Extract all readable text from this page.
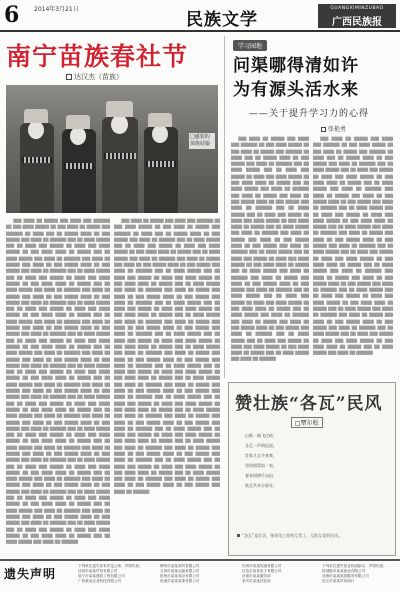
6 2014年3月21日
民族文学
GUANGXIMINZUBAO
广西民族报
南宁苗族春社节
达汉杰（苗族）
□盛装的苗族姑娘

▒▒▒ ▒▒▒▒ ▒▒ ▒▒▒▒▒ ▒▒▒ ▒▒▒▒ ▒▒▒ ▒▒▒▒▒▒ ▒▒ ▒▒▒ ▒▒▒▒ ▒▒▒▒▒ ▒▒ ▒▒▒ ▒▒▒▒ ▒▒ ▒▒▒▒▒ ▒▒▒ ▒▒▒▒▒▒ ▒▒ ▒▒▒▒ ▒▒▒ ▒▒ ▒▒▒▒▒ ▒▒▒▒ ▒▒ ▒▒▒ ▒▒▒▒▒ ▒▒▒ ▒▒▒▒ ▒▒ ▒▒▒▒▒▒ ▒▒▒ ▒▒ ▒▒▒▒ ▒▒▒▒▒ ▒▒▒ ▒▒ ▒▒▒▒ ▒▒▒ ▒▒▒▒▒ ▒▒ ▒▒▒▒ ▒▒▒ ▒▒▒▒ ▒▒▒▒▒ ▒▒ ▒▒▒ ▒▒▒▒ ▒▒▒▒ ▒▒ ▒▒▒▒▒ ▒▒▒ ▒▒ ▒▒▒▒ ▒▒▒▒▒ ▒▒▒ ▒▒▒▒ ▒▒ ▒▒▒▒▒▒ ▒▒▒ ▒▒▒▒ ▒▒ ▒▒▒▒▒ ▒▒▒ ▒▒▒▒ ▒▒ ▒▒▒ ▒▒▒▒▒ ▒▒▒▒ ▒▒ ▒▒▒ ▒▒▒▒▒ ▒▒▒ ▒▒▒▒ ▒▒ ▒▒▒▒▒▒ ▒▒▒ ▒▒ ▒▒▒▒ ▒▒▒▒▒ ▒▒▒ ▒▒ ▒▒▒▒ ▒▒▒ ▒▒▒▒▒ ▒▒ ▒▒▒▒ ▒▒▒ ▒▒▒▒ ▒▒▒▒▒ ▒▒ ▒▒▒ ▒▒▒▒ ▒▒▒▒ ▒▒ ▒▒▒▒▒ ▒▒▒ ▒▒ ▒▒▒▒ ▒▒▒▒▒ ▒▒▒ ▒▒▒▒ ▒▒ ▒▒▒▒▒▒ ▒▒▒ ▒▒▒▒ ▒▒ ▒▒▒▒▒ ▒▒▒ ▒▒▒▒ ▒▒ ▒▒▒ ▒▒▒▒▒ ▒▒▒▒ ▒▒ ▒▒▒ ▒▒▒▒▒ ▒▒▒ ▒▒▒▒ ▒▒ ▒▒▒▒▒▒ ▒▒▒ ▒▒ ▒▒▒▒ ▒▒▒▒▒ ▒▒▒ ▒▒ ▒▒▒▒ ▒▒▒ ▒▒▒▒▒ ▒▒ ▒▒▒▒ ▒▒▒ ▒▒▒▒ ▒▒▒▒▒ ▒▒ ▒▒▒ ▒▒▒▒ ▒▒▒▒ ▒▒ ▒▒▒▒▒ ▒▒▒ ▒▒ ▒▒▒▒ ▒▒▒▒▒ ▒▒▒ ▒▒▒▒ ▒▒ ▒▒▒▒▒▒ ▒▒▒ ▒▒▒▒ ▒▒ ▒▒▒▒▒ ▒▒▒ ▒▒▒▒ ▒▒ ▒▒▒ ▒▒▒▒▒ ▒▒▒▒ ▒▒ ▒▒▒ ▒▒▒▒▒ ▒▒▒ ▒▒▒▒ ▒▒ ▒▒▒▒▒▒ ▒▒▒ ▒▒ ▒▒▒▒ ▒▒▒▒▒ ▒▒▒ ▒▒ ▒▒▒▒ ▒▒▒ ▒▒▒▒▒ ▒▒ ▒▒▒▒ ▒▒▒ ▒▒▒▒ ▒▒▒▒▒ ▒▒ ▒▒▒ ▒▒▒▒ ▒▒▒▒ ▒▒ ▒▒▒▒▒ ▒▒▒ ▒▒ ▒▒▒▒ ▒▒▒▒▒ ▒▒▒ ▒▒▒▒ ▒▒ ▒▒▒▒▒▒ ▒▒▒ ▒▒▒▒ ▒▒ ▒▒▒▒▒ ▒▒▒ ▒▒▒▒ ▒▒ ▒▒▒ ▒▒▒▒▒ ▒▒▒▒ ▒▒ ▒▒▒ ▒▒▒▒▒ ▒▒▒ ▒▒▒▒ ▒▒ ▒▒▒▒▒▒ ▒▒▒ ▒▒ ▒▒▒▒ ▒▒▒▒▒ ▒▒▒ ▒▒ ▒▒▒▒ ▒▒▒ ▒▒▒▒▒ ▒▒ ▒▒▒▒ ▒▒▒ ▒▒▒▒ ▒▒▒▒▒ ▒▒ ▒▒▒ ▒▒▒▒ ▒▒▒▒ ▒▒ ▒▒▒▒▒ ▒▒▒ ▒▒ ▒▒▒▒ ▒▒▒▒▒ ▒▒▒ ▒▒▒▒ ▒▒ ▒▒▒▒▒▒ ▒▒▒ ▒▒▒▒ ▒▒ ▒▒▒▒▒ ▒▒▒ ▒▒▒▒ ▒▒ ▒▒▒ ▒▒▒▒▒ ▒▒▒▒ ▒▒ ▒▒▒ ▒▒▒▒▒ ▒▒▒ ▒▒▒▒ ▒▒ ▒▒▒▒▒▒ ▒▒▒ ▒▒ ▒▒▒▒ ▒▒▒▒▒ ▒▒▒ ▒▒ ▒▒▒▒ ▒▒▒ ▒▒▒▒▒ ▒▒ ▒▒▒▒ ▒▒▒ ▒▒▒▒ ▒▒▒▒▒ ▒▒ ▒▒▒ ▒▒▒▒ ▒▒▒▒ ▒▒ ▒▒▒▒▒ ▒▒▒ ▒▒ ▒▒▒▒ ▒▒▒▒▒ ▒▒▒ ▒▒▒▒ ▒▒ ▒▒▒▒▒▒ ▒▒▒ ▒▒▒▒ ▒▒ ▒▒▒▒▒ ▒▒▒ ▒▒▒▒ ▒▒ ▒▒▒ ▒▒▒▒▒ ▒▒▒▒ ▒▒ ▒▒▒ ▒▒▒▒▒ ▒▒▒ ▒▒▒▒ ▒▒ ▒▒▒▒▒▒ ▒▒▒ ▒▒ ▒▒▒▒ ▒▒▒▒▒ ▒▒▒ ▒▒ ▒▒▒▒ ▒▒▒ ▒▒▒▒▒ ▒▒ ▒▒▒▒ ▒▒▒ ▒▒▒▒ ▒▒▒▒▒ ▒▒ ▒▒▒ ▒▒▒▒ ▒▒▒▒ ▒▒ ▒▒▒▒▒ ▒▒▒ ▒▒ ▒▒▒▒ ▒▒▒▒▒ ▒▒▒ ▒▒▒▒ ▒▒ ▒▒▒▒▒▒ ▒▒▒ ▒▒▒▒ ▒▒ ▒▒▒▒▒ ▒▒▒ ▒▒▒▒ ▒▒ ▒▒▒ ▒▒▒▒▒ ▒▒▒▒ ▒▒ ▒▒▒ ▒▒▒▒▒ ▒▒▒ ▒▒▒▒ ▒▒ ▒▒▒▒▒▒ ▒▒▒ ▒▒ ▒▒▒▒ ▒▒▒▒▒ ▒▒▒ ▒▒ ▒▒▒▒ ▒▒▒ ▒▒▒▒▒ ▒▒ ▒▒▒▒ ▒▒▒ ▒▒▒▒ ▒▒▒▒▒ ▒▒ ▒▒▒ ▒▒▒▒ ▒▒▒▒ ▒▒ ▒▒▒▒▒ ▒▒▒ ▒▒ ▒▒▒▒ ▒▒▒▒▒ ▒▒▒ ▒▒▒▒ ▒▒ ▒▒▒▒▒▒ ▒▒▒ ▒▒▒▒ ▒▒ ▒▒▒▒▒ ▒▒▒ ▒▒▒▒ ▒▒ ▒▒▒ ▒▒▒▒▒ ▒▒▒▒ ▒▒ ▒▒▒ ▒▒▒▒▒ ▒▒▒ ▒▒▒▒ ▒▒ ▒▒▒▒▒▒ ▒▒▒ ▒▒ ▒▒▒▒ ▒▒▒▒▒ ▒▒▒ ▒▒ ▒▒▒▒ ▒▒▒ ▒▒▒▒▒ ▒▒ ▒▒▒▒ ▒▒▒ ▒▒▒▒ ▒▒▒▒▒ ▒▒ ▒▒▒ ▒▒▒▒ ▒▒▒▒ ▒▒ ▒▒▒▒▒ ▒▒▒ ▒▒ ▒▒▒▒ ▒▒▒▒▒ ▒▒▒ ▒▒▒▒ ▒▒ ▒▒▒▒▒▒ ▒▒▒ ▒▒▒▒ ▒▒ ▒▒▒▒▒ ▒▒▒ ▒▒▒▒ ▒▒ ▒▒▒ ▒▒▒▒▒ ▒▒▒▒ ▒▒ ▒▒▒ ▒▒▒▒▒ ▒▒▒ ▒▒▒▒ ▒▒ ▒▒▒▒▒▒ ▒▒▒ ▒▒ ▒▒▒▒ ▒▒▒▒▒ ▒▒▒ ▒▒ ▒▒▒▒ ▒▒▒ ▒▒▒▒▒ ▒▒ ▒▒▒▒ ▒▒▒ ▒▒▒▒ ▒▒▒▒▒ ▒▒ ▒▒▒ ▒▒▒▒ ▒▒▒▒ ▒▒ ▒▒▒▒▒ ▒▒▒ ▒▒ ▒▒▒▒ ▒▒▒▒▒ ▒▒▒ ▒▒▒▒ ▒▒ ▒▒▒▒▒▒

▒▒▒ ▒▒▒▒ ▒▒ ▒▒▒▒▒ ▒▒▒ ▒▒▒▒ ▒▒▒ ▒▒▒▒▒▒ ▒▒ ▒▒▒ ▒▒▒▒ ▒▒▒▒▒ ▒▒ ▒▒▒ ▒▒▒▒ ▒▒ ▒▒▒▒▒ ▒▒▒ ▒▒▒▒▒▒ ▒▒ ▒▒▒▒ ▒▒▒ ▒▒ ▒▒▒▒▒ ▒▒▒▒ ▒▒ ▒▒▒ ▒▒▒▒▒ ▒▒▒ ▒▒▒▒ ▒▒ ▒▒▒▒▒▒ ▒▒▒ ▒▒ ▒▒▒▒ ▒▒▒▒▒ ▒▒▒ ▒▒ ▒▒▒▒ ▒▒▒ ▒▒▒▒▒ ▒▒ ▒▒▒▒ ▒▒▒ ▒▒▒▒ ▒▒▒▒▒ ▒▒ ▒▒▒ ▒▒▒▒ ▒▒▒▒ ▒▒ ▒▒▒▒▒ ▒▒▒ ▒▒ ▒▒▒▒ ▒▒▒▒▒ ▒▒▒ ▒▒▒▒ ▒▒ ▒▒▒▒▒▒ ▒▒▒ ▒▒▒▒ ▒▒ ▒▒▒▒▒ ▒▒▒ ▒▒▒▒ ▒▒ ▒▒▒ ▒▒▒▒▒ ▒▒▒▒ ▒▒ ▒▒▒ ▒▒▒▒▒ ▒▒▒ ▒▒▒▒ ▒▒ ▒▒▒▒▒▒ ▒▒▒ ▒▒ ▒▒▒▒ ▒▒▒▒▒ ▒▒▒ ▒▒ ▒▒▒▒ ▒▒▒ ▒▒▒▒▒ ▒▒ ▒▒▒▒ ▒▒▒ ▒▒▒▒ ▒▒▒▒▒ ▒▒ ▒▒▒ ▒▒▒▒ ▒▒▒▒ ▒▒ ▒▒▒▒▒ ▒▒▒ ▒▒ ▒▒▒▒ ▒▒▒▒▒ ▒▒▒ ▒▒▒▒ ▒▒ ▒▒▒▒▒▒ ▒▒▒ ▒▒▒▒ ▒▒ ▒▒▒▒▒ ▒▒▒ ▒▒▒▒ ▒▒ ▒▒▒ ▒▒▒▒▒ ▒▒▒▒ ▒▒ ▒▒▒ ▒▒▒▒▒ ▒▒▒ ▒▒▒▒ ▒▒ ▒▒▒▒▒▒ ▒▒▒ ▒▒ ▒▒▒▒ ▒▒▒▒▒ ▒▒▒ ▒▒ ▒▒▒▒ ▒▒▒ ▒▒▒▒▒ ▒▒ ▒▒▒▒ ▒▒▒ ▒▒▒▒ ▒▒▒▒▒ ▒▒ ▒▒▒ ▒▒▒▒ ▒▒▒▒ ▒▒ ▒▒▒▒▒ ▒▒▒ ▒▒ ▒▒▒▒ ▒▒▒▒▒ ▒▒▒ ▒▒▒▒ ▒▒ ▒▒▒▒▒▒ ▒▒▒ ▒▒▒▒ ▒▒ ▒▒▒▒▒ ▒▒▒ ▒▒▒▒ ▒▒ ▒▒▒ ▒▒▒▒▒ ▒▒▒▒ ▒▒ ▒▒▒ ▒▒▒▒▒ ▒▒▒ ▒▒▒▒ ▒▒ ▒▒▒▒▒▒ ▒▒▒ ▒▒ ▒▒▒▒ ▒▒▒▒▒ ▒▒▒ ▒▒ ▒▒▒▒ ▒▒▒ ▒▒▒▒▒ ▒▒ ▒▒▒▒ ▒▒▒ ▒▒▒▒ ▒▒▒▒▒ ▒▒ ▒▒▒ ▒▒▒▒ ▒▒▒▒ ▒▒ ▒▒▒▒▒ ▒▒▒ ▒▒ ▒▒▒▒ ▒▒▒▒▒ ▒▒▒ ▒▒▒▒ ▒▒ ▒▒▒▒▒▒ ▒▒▒ ▒▒▒▒ ▒▒ ▒▒▒▒▒ ▒▒▒ ▒▒▒▒ ▒▒ ▒▒▒ ▒▒▒▒▒ ▒▒▒▒ ▒▒ ▒▒▒ ▒▒▒▒▒ ▒▒▒ ▒▒▒▒ ▒▒ ▒▒▒▒▒▒ ▒▒▒ ▒▒ ▒▒▒▒ ▒▒▒▒▒ ▒▒▒ ▒▒ ▒▒▒▒ ▒▒▒ ▒▒▒▒▒ ▒▒ ▒▒▒▒ ▒▒▒ ▒▒▒▒ ▒▒▒▒▒ ▒▒ ▒▒▒ ▒▒▒▒ ▒▒▒▒ ▒▒ ▒▒▒▒▒ ▒▒▒ ▒▒ ▒▒▒▒ ▒▒▒▒▒ ▒▒▒ ▒▒▒▒ ▒▒ ▒▒▒▒▒▒ ▒▒▒ ▒▒▒▒ ▒▒ ▒▒▒▒▒ ▒▒▒ ▒▒▒▒ ▒▒ ▒▒▒ ▒▒▒▒▒ ▒▒▒▒ ▒▒ ▒▒▒ ▒▒▒▒▒ ▒▒▒ ▒▒▒▒ ▒▒ ▒▒▒▒▒▒ ▒▒▒ ▒▒ ▒▒▒▒ ▒▒▒▒▒ ▒▒▒ ▒▒ ▒▒▒▒ ▒▒▒ ▒▒▒▒▒ ▒▒ ▒▒▒▒ ▒▒▒ ▒▒▒▒ ▒▒▒▒▒ ▒▒ ▒▒▒ ▒▒▒▒ ▒▒▒▒ ▒▒ ▒▒▒▒▒ ▒▒▒ ▒▒ ▒▒▒▒ ▒▒▒▒▒ ▒▒▒ ▒▒▒▒ ▒▒ ▒▒▒▒▒▒ ▒▒▒ ▒▒▒▒ ▒▒ ▒▒▒▒▒ ▒▒▒ ▒▒▒▒ ▒▒ ▒▒▒ ▒▒▒▒▒ ▒▒▒▒ ▒▒ ▒▒▒ ▒▒▒▒▒ ▒▒▒ ▒▒▒▒ ▒▒ ▒▒▒▒▒▒ ▒▒▒ ▒▒ ▒▒▒▒ ▒▒▒▒▒ ▒▒▒ ▒▒ ▒▒▒▒ ▒▒▒ ▒▒▒▒▒ ▒▒ ▒▒▒▒ ▒▒▒ ▒▒▒▒ ▒▒▒▒▒ ▒▒ ▒▒▒ ▒▒▒▒ ▒▒▒▒ ▒▒ ▒▒▒▒▒ ▒▒▒ ▒▒ ▒▒▒▒ ▒▒▒▒▒ ▒▒▒ ▒▒▒▒ ▒▒ ▒▒▒▒▒▒ ▒▒▒ ▒▒▒▒ ▒▒ ▒▒▒▒▒ ▒▒▒ ▒▒▒▒ ▒▒ ▒▒▒ ▒▒▒▒▒ ▒▒▒▒ ▒▒ ▒▒▒ ▒▒▒▒▒ ▒▒▒ ▒▒▒▒ ▒▒ ▒▒▒▒▒▒ ▒▒▒ ▒▒ ▒▒▒▒ ▒▒▒▒▒ ▒▒▒ ▒▒ ▒▒▒▒ ▒▒▒ ▒▒▒▒▒ ▒▒ ▒▒▒▒ ▒▒▒ ▒▒▒▒ ▒▒▒▒▒ ▒▒ ▒▒▒ ▒▒▒▒ ▒▒▒▒ ▒▒ ▒▒▒▒▒ ▒▒▒ ▒▒ ▒▒▒▒ ▒▒▒▒▒ ▒▒▒ ▒▒▒▒ ▒▒ ▒▒▒▒▒▒ ▒▒▒ ▒▒▒▒ ▒▒ ▒▒▒▒▒ ▒▒▒ ▒▒▒▒ ▒▒ ▒▒▒ ▒▒▒▒▒ ▒▒▒▒ ▒▒ ▒▒▒ ▒▒▒▒▒ ▒▒▒ ▒▒▒▒ ▒▒ ▒▒▒▒▒▒

学习园地
问渠哪得清如许
为有源头活水来
——关于提升学习力的心得
张艳勇

▒▒▒ ▒▒▒▒ ▒▒ ▒▒▒▒▒ ▒▒▒ ▒▒▒▒ ▒▒▒ ▒▒▒▒▒▒ ▒▒ ▒▒▒ ▒▒▒▒ ▒▒▒▒▒ ▒▒ ▒▒▒ ▒▒▒▒ ▒▒ ▒▒▒▒▒ ▒▒▒ ▒▒▒▒▒▒ ▒▒ ▒▒▒▒ ▒▒▒ ▒▒ ▒▒▒▒▒ ▒▒▒▒ ▒▒ ▒▒▒ ▒▒▒▒▒ ▒▒▒ ▒▒▒▒ ▒▒ ▒▒▒▒▒▒ ▒▒▒ ▒▒ ▒▒▒▒ ▒▒▒▒▒ ▒▒▒ ▒▒ ▒▒▒▒ ▒▒▒ ▒▒▒▒▒ ▒▒ ▒▒▒▒ ▒▒▒ ▒▒▒▒ ▒▒▒▒▒ ▒▒ ▒▒▒ ▒▒▒▒ ▒▒▒▒ ▒▒ ▒▒▒▒▒ ▒▒▒ ▒▒ ▒▒▒▒ ▒▒▒▒▒ ▒▒▒ ▒▒▒▒ ▒▒ ▒▒▒▒▒▒ ▒▒▒ ▒▒▒▒ ▒▒ ▒▒▒▒▒ ▒▒▒ ▒▒▒▒ ▒▒ ▒▒▒ ▒▒▒▒▒ ▒▒▒▒ ▒▒ ▒▒▒ ▒▒▒▒▒ ▒▒▒ ▒▒▒▒ ▒▒ ▒▒▒▒▒▒ ▒▒▒ ▒▒ ▒▒▒▒ ▒▒▒▒▒ ▒▒▒ ▒▒ ▒▒▒▒ ▒▒▒ ▒▒▒▒▒ ▒▒ ▒▒▒▒ ▒▒▒ ▒▒▒▒ ▒▒▒▒▒ ▒▒ ▒▒▒ ▒▒▒▒ ▒▒▒▒ ▒▒ ▒▒▒▒▒ ▒▒▒ ▒▒ ▒▒▒▒ ▒▒▒▒▒ ▒▒▒ ▒▒▒▒ ▒▒ ▒▒▒▒▒▒ ▒▒▒ ▒▒▒▒ ▒▒ ▒▒▒▒▒ ▒▒▒ ▒▒▒▒ ▒▒ ▒▒▒ ▒▒▒▒▒ ▒▒▒▒ ▒▒ ▒▒▒ ▒▒▒▒▒ ▒▒▒ ▒▒▒▒ ▒▒ ▒▒▒▒▒▒ ▒▒▒ ▒▒ ▒▒▒▒ ▒▒▒▒▒ ▒▒▒ ▒▒ ▒▒▒▒ ▒▒▒ ▒▒▒▒▒ ▒▒ ▒▒▒▒ ▒▒▒ ▒▒▒▒ ▒▒▒▒▒ ▒▒ ▒▒▒ ▒▒▒▒ ▒▒▒▒ ▒▒ ▒▒▒▒▒ ▒▒▒ ▒▒ ▒▒▒▒ ▒▒▒▒▒ ▒▒▒ ▒▒▒▒ ▒▒ ▒▒▒▒▒▒ ▒▒▒ ▒▒▒▒ ▒▒ ▒▒▒▒▒ ▒▒▒ ▒▒▒▒ ▒▒ ▒▒▒ ▒▒▒▒▒ ▒▒▒▒ ▒▒ ▒▒▒ ▒▒▒▒▒ ▒▒▒ ▒▒▒▒ ▒▒ ▒▒▒▒▒▒ ▒▒▒ ▒▒ ▒▒▒▒ ▒▒▒▒▒ ▒▒▒ ▒▒ ▒▒▒▒ ▒▒▒ ▒▒▒▒▒ ▒▒ ▒▒▒▒ ▒▒▒ ▒▒▒▒ ▒▒▒▒▒ ▒▒ ▒▒▒ ▒▒▒▒ ▒▒▒▒ ▒▒ ▒▒▒▒▒ ▒▒▒ ▒▒ ▒▒▒▒ ▒▒▒▒▒ ▒▒▒ ▒▒▒▒ ▒▒ ▒▒▒▒▒▒ ▒▒▒ ▒▒▒▒ ▒▒ ▒▒▒▒▒ ▒▒▒ ▒▒▒▒ ▒▒ ▒▒▒ ▒▒▒▒▒ ▒▒▒▒ ▒▒ ▒▒▒ ▒▒▒▒▒ ▒▒▒ ▒▒▒▒ ▒▒ ▒▒▒▒▒▒ ▒▒▒ ▒▒ ▒▒▒▒ ▒▒▒▒▒ ▒▒▒ ▒▒ ▒▒▒▒ ▒▒▒ ▒▒▒▒▒ ▒▒ ▒▒▒▒ ▒▒▒ ▒▒▒▒ ▒▒▒▒▒ ▒▒ ▒▒▒ ▒▒▒▒ ▒▒▒▒ ▒▒ ▒▒▒▒▒ ▒▒▒ ▒▒ ▒▒▒▒ ▒▒▒▒▒ ▒▒▒ ▒▒▒▒ ▒▒ ▒▒▒▒▒▒

▒▒▒ ▒▒▒▒ ▒▒ ▒▒▒▒▒ ▒▒▒ ▒▒▒▒ ▒▒▒ ▒▒▒▒▒▒ ▒▒ ▒▒▒ ▒▒▒▒ ▒▒▒▒▒ ▒▒ ▒▒▒ ▒▒▒▒ ▒▒ ▒▒▒▒▒ ▒▒▒ ▒▒▒▒▒▒ ▒▒ ▒▒▒▒ ▒▒▒ ▒▒ ▒▒▒▒▒ ▒▒▒▒ ▒▒ ▒▒▒ ▒▒▒▒▒ ▒▒▒ ▒▒▒▒ ▒▒ ▒▒▒▒▒▒ ▒▒▒ ▒▒ ▒▒▒▒ ▒▒▒▒▒ ▒▒▒ ▒▒ ▒▒▒▒ ▒▒▒ ▒▒▒▒▒ ▒▒ ▒▒▒▒ ▒▒▒ ▒▒▒▒ ▒▒▒▒▒ ▒▒ ▒▒▒ ▒▒▒▒ ▒▒▒▒ ▒▒ ▒▒▒▒▒ ▒▒▒ ▒▒ ▒▒▒▒ ▒▒▒▒▒ ▒▒▒ ▒▒▒▒ ▒▒ ▒▒▒▒▒▒ ▒▒▒ ▒▒▒▒ ▒▒ ▒▒▒▒▒ ▒▒▒ ▒▒▒▒ ▒▒ ▒▒▒ ▒▒▒▒▒ ▒▒▒▒ ▒▒ ▒▒▒ ▒▒▒▒▒ ▒▒▒ ▒▒▒▒ ▒▒ ▒▒▒▒▒▒ ▒▒▒ ▒▒ ▒▒▒▒ ▒▒▒▒▒ ▒▒▒ ▒▒ ▒▒▒▒ ▒▒▒ ▒▒▒▒▒ ▒▒ ▒▒▒▒ ▒▒▒ ▒▒▒▒ ▒▒▒▒▒ ▒▒ ▒▒▒ ▒▒▒▒ ▒▒▒▒ ▒▒ ▒▒▒▒▒ ▒▒▒ ▒▒ ▒▒▒▒ ▒▒▒▒▒ ▒▒▒ ▒▒▒▒ ▒▒ ▒▒▒▒▒▒ ▒▒▒ ▒▒▒▒ ▒▒ ▒▒▒▒▒ ▒▒▒ ▒▒▒▒ ▒▒ ▒▒▒ ▒▒▒▒▒ ▒▒▒▒ ▒▒ ▒▒▒ ▒▒▒▒▒ ▒▒▒ ▒▒▒▒ ▒▒ ▒▒▒▒▒▒ ▒▒▒ ▒▒ ▒▒▒▒ ▒▒▒▒▒ ▒▒▒ ▒▒ ▒▒▒▒ ▒▒▒ ▒▒▒▒▒ ▒▒ ▒▒▒▒ ▒▒▒ ▒▒▒▒ ▒▒▒▒▒ ▒▒ ▒▒▒ ▒▒▒▒ ▒▒▒▒ ▒▒ ▒▒▒▒▒ ▒▒▒ ▒▒ ▒▒▒▒ ▒▒▒▒▒ ▒▒▒ ▒▒▒▒ ▒▒ ▒▒▒▒▒▒ ▒▒▒ ▒▒▒▒ ▒▒ ▒▒▒▒▒ ▒▒▒ ▒▒▒▒ ▒▒ ▒▒▒ ▒▒▒▒▒ ▒▒▒▒ ▒▒ ▒▒▒ ▒▒▒▒▒ ▒▒▒ ▒▒▒▒ ▒▒ ▒▒▒▒▒▒ ▒▒▒ ▒▒ ▒▒▒▒ ▒▒▒▒▒ ▒▒▒ ▒▒ ▒▒▒▒ ▒▒▒ ▒▒▒▒▒ ▒▒ ▒▒▒▒ ▒▒▒ ▒▒▒▒ ▒▒▒▒▒ ▒▒ ▒▒▒ ▒▒▒▒ ▒▒▒▒ ▒▒ ▒▒▒▒▒ ▒▒▒ ▒▒ ▒▒▒▒ ▒▒▒▒▒ ▒▒▒ ▒▒▒▒ ▒▒ ▒▒▒▒▒▒ ▒▒▒ ▒▒▒▒ ▒▒ ▒▒▒▒▒ ▒▒▒ ▒▒▒▒ ▒▒ ▒▒▒ ▒▒▒▒▒ ▒▒▒▒ ▒▒ ▒▒▒ ▒▒▒▒▒ ▒▒▒ ▒▒▒▒ ▒▒ ▒▒▒▒▒▒ ▒▒▒ ▒▒ ▒▒▒▒ ▒▒▒▒▒ ▒▒▒ ▒▒ ▒▒▒▒ ▒▒▒ ▒▒▒▒▒ ▒▒ ▒▒▒▒ ▒▒▒ ▒▒▒▒ ▒▒▒▒▒ ▒▒ ▒▒▒ ▒▒▒▒ ▒▒▒▒ ▒▒ ▒▒▒▒▒ ▒▒▒ ▒▒ ▒▒▒▒ ▒▒▒▒▒ ▒▒▒ ▒▒▒▒ ▒▒ ▒▒▒▒▒▒

赞壮族“各瓦”民风
□覃尔松
山歌一曲飞过岭，
各瓦一声情谊深。
壮家儿女多豪爽，
邻里相帮似一家。
春来同耕千亩田，
秋至共享丰收年。
“各瓦”是壮语，指邻里之间相互帮工、互助互爱的民风。
遗失声明
下列单位遗失原有印鉴公章，声明作废。
桂林市某某贸易有限公司
南宁市某某建筑工程有限公司
广西某某农业科技有限公司
柳州市某某商贸有限公司
玉林市某某运输有限公司
梧州市某某食品有限公司
贵港市某某装饰有限公司
钦州市某某物流有限公司
百色市某某电子有限公司
河池市某某服务部
来宾市某某经营部
下列单位遗失营业执照副本，声明作废。
防城港市某某渔业有限公司
北海市某某旅游服务有限公司
崇左市某某贸易商行
